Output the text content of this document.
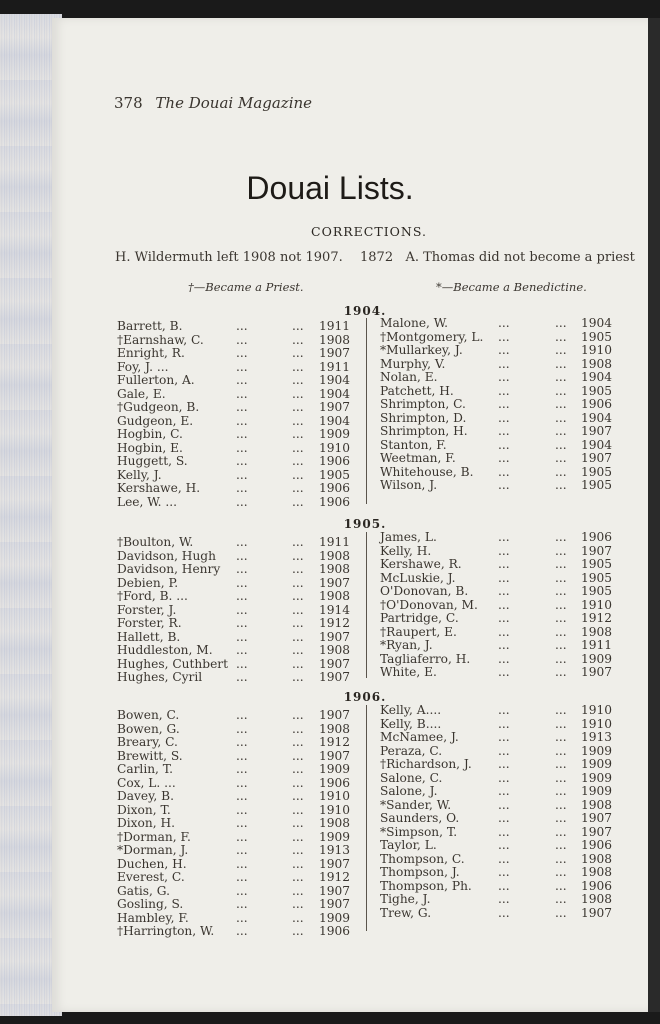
378 The Douai Magazine
Douai Lists.
CORRECTIONS.
H. Wildermuth left 1908 not 1907. 1872   A. Thomas did not become a priest
†—Became a Priest.	*—Became a Benedictine.
1904.
Barrett, B.	...	... 1911
†Earnshaw, C.	...	... 1908
Enright, R.	...	... 1907
Foy, J. ...	...	... 1911
Fullerton, A.	...	... 1904
Gale, E.	...	... 1904
†Gudgeon, B.	...	... 1907
Gudgeon, E.	...	... 1904
Hogbin, C.	...	... 1909
Hogbin, E.	...	... 1910
Huggett, S.	...	... 1906
Kelly, J.	...	... 1905
Kershawe, H.	...	... 1906
Lee, W. ...	...	... 1906
Malone, W.	...	... 1904
†Montgomery, L. ...	... 1905
*Mullarkey, J.	...	... 1910
Murphy, V.	...	... 1908
Nolan, E.	...	... 1904
Patchett, H.	...	... 1905
Shrimpton, C.	...	... 1906
Shrimpton, D.	...	... 1904
Shrimpton, H. ...	... 1907
Stanton, F.	...	... 1904
Weetman, F.	...	... 1907
Whitehouse, B. ...	... 1905
Wilson, J.	...	... 1905
1905.
†Boulton, W.	...	... 1911
Davidson, Hugh ...	... 1908
Davidson, Henry ...	... 1908
Debien, P.	...	... 1907
†Ford, B. ...	...	... 1908
Forster, J.	...	... 1914
Forster, R.	...	... 1912
Hallett, B.	...	... 1907
Huddleston, M. ...	... 1908
Hughes, Cuthbert ...	... 1907
Hughes, Cyril	...	... 1907
James, L.	...	... 1906
Kelly, H.	...	... 1907
Kershawe, R.	...	... 1905
McLuskie, J.	...	... 1905
O'Donovan, B. ...	... 1905
†O'Donovan, M. ...	... 1910
Partridge, C.	...	... 1912
†Raupert, E.	...	... 1908
*Ryan, J.	...	... 1911
Tagliaferro, H. ...	... 1909
White, E.	...	... 1907
1906.
Bowen, C.	...	... 1907
Bowen, G.	...	... 1908
Breary, C.	...	... 1912
Brewitt, S.	...	... 1907
Carlin, T.	...	... 1909
Cox, L. ...	...	... 1906
Davey, B.	...	... 1910
Dixon, T.	...	... 1910
Dixon, H.	...	... 1908
†Dorman, F.	...	... 1909
*Dorman, J.	...	... 1913
Duchen, H.	...	... 1907
Everest, C.	...	... 1912
Gatis, G.	...	... 1907
Gosling, S.	...	... 1907
Hambley, F.	...	... 1909
†Harrington, W. ...	... 1906
Kelly, A....	...	... 1910
Kelly, B....	...	... 1910
McNamee, J.	...	... 1913
Peraza, C.	...	... 1909
†Richardson, J. ...	... 1909
Salone, C.	...	... 1909
Salone, J.	...	... 1909
*Sander, W.	...	... 1908
Saunders, O.	...	... 1907
*Simpson, T.	...	... 1907
Taylor, L.	...	... 1906
Thompson, C.	...	... 1908
Thompson, J.	...	... 1908
Thompson, Ph. ...	... 1906
Tighe, J.	...	... 1908
Trew, G.	...	... 1907
